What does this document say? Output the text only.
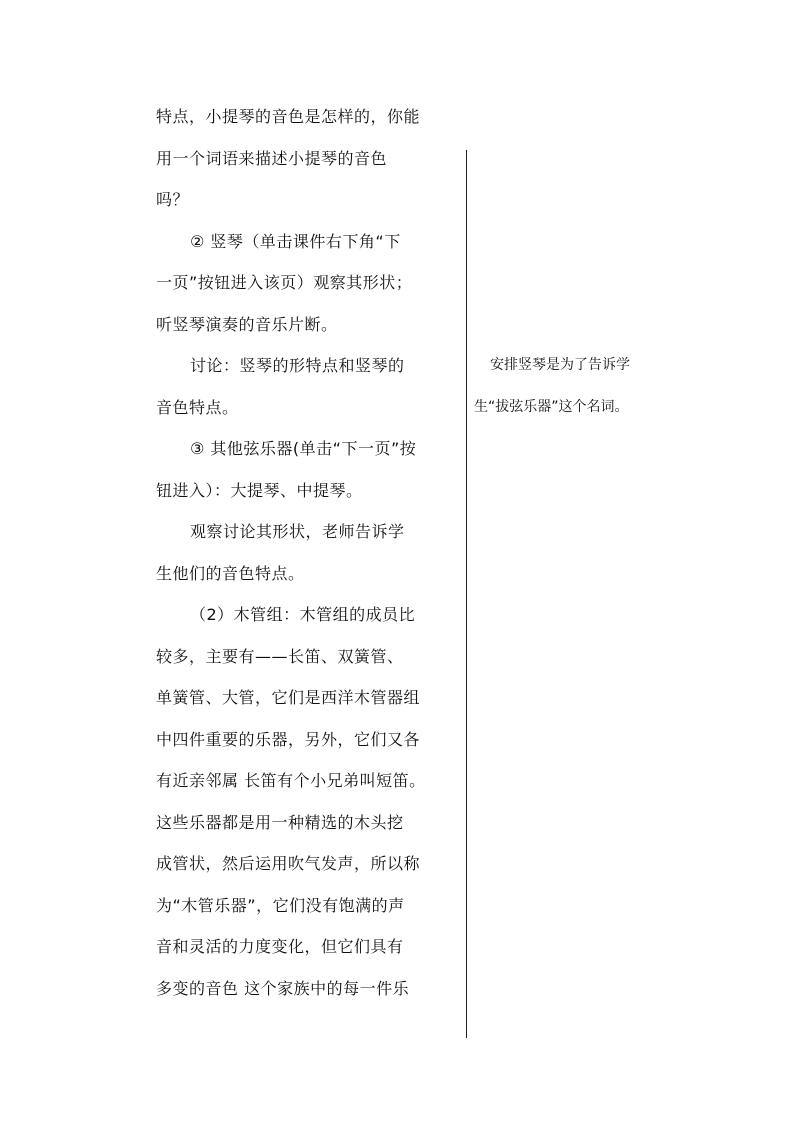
特点，小提琴的音色是怎样的，你能
用一个词语来描述小提琴的音色
吗？
② 竖琴（单击课件右下角“下
一页”按钮进入该页）观察其形状；
听竖琴演奏的音乐片断。
讨论：竖琴的形特点和竖琴的
音色特点。
③ 其他弦乐器(单击“下一页”按
钮进入）：大提琴、中提琴。
观察讨论其形状，老师告诉学
生他们的音色特点。
（2）木管组：木管组的成员比
较多，主要有——长笛、双簧管、
单簧管、大管，它们是西洋木管器组
中四件重要的乐器，另外，它们又各
有近亲邻属 长笛有个小兄弟叫短笛。
这些乐器都是用一种精选的木头挖
成管状，然后运用吹气发声，所以称
为“木管乐器”，它们没有饱满的声
音和灵活的力度变化，但它们具有
多变的音色 这个家族中的每一件乐
安排竖琴是为了告诉学
生“拔弦乐器”这个名词。
